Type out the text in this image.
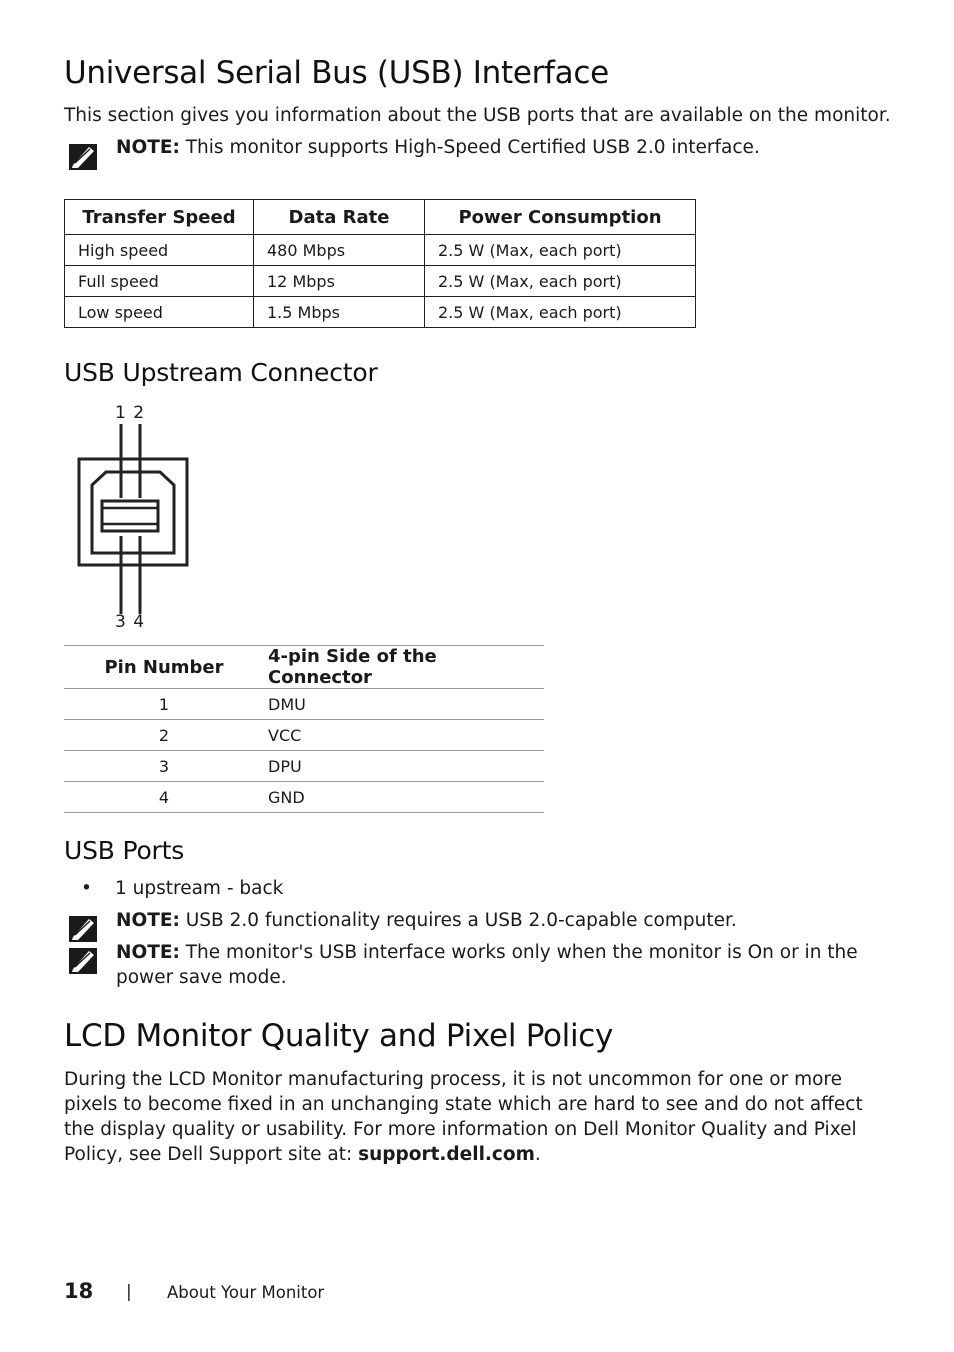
Universal Serial Bus (USB) Interface

This section gives you information about the USB ports that are available on the monitor.

NOTE: This monitor supports High-Speed Certified USB 2.0 interface.

Transfer Speed	Data Rate	Power Consumption
High speed	480 Mbps	2.5 W (Max, each port)
Full speed	12 Mbps	2.5 W (Max, each port)
Low speed	1.5 Mbps	2.5 W (Max, each port)
USB Upstream Connector
1 2
3 4
Pin Number	4-pin Side of the Connector
1	DMU
2	VCC
3	DPU
4	GND
USB Ports
• 1 upstream - back

NOTE: USB 2.0 functionality requires a USB 2.0-capable computer.

NOTE: The monitor's USB interface works only when the monitor is On or in the power save mode.

LCD Monitor Quality and Pixel Policy

During the LCD Monitor manufacturing process, it is not uncommon for one or more pixels to become fixed in an unchanging state which are hard to see and do not affect the display quality or usability. For more information on Dell Monitor Quality and Pixel Policy, see Dell Support site at: support.dell.com.

18 | About Your Monitor
